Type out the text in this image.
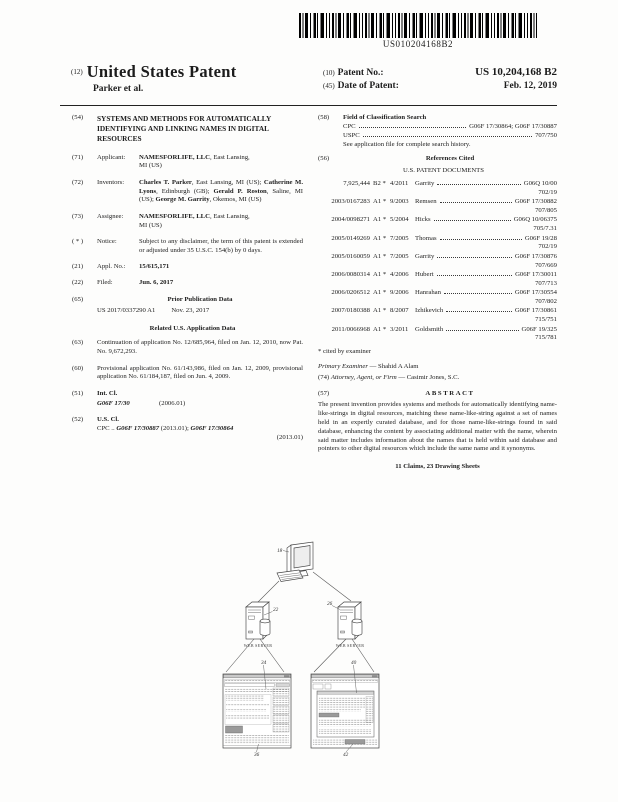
US010204168B2
(12) United States Patent
Parker et al.
(10) Patent No.:	US 10,204,168 B2
(45) Date of Patent:	Feb. 12, 2019
(54)	SYSTEMS AND METHODS FOR AUTOMATICALLY IDENTIFYING AND LINKING NAMES IN DIGITAL RESOURCES
(71)	Applicant:	NAMESFORLIFE, LLC, East Lansing, MI (US)
(72)	Inventors:	Charles T. Parker, East Lansing, MI (US); Catherine M. Lyons, Edinburgh (GB); Gerald P. Roston, Saline, MI (US); George M. Garrity, Okemos, MI (US)
(73)	Assignee:	NAMESFORLIFE, LLC, East Lansing, MI (US)
( * )	Notice:	Subject to any disclaimer, the term of this patent is extended or adjusted under 35 U.S.C. 154(b) by 0 days.
(21)	Appl. No.:	15/615,171
(22)	Filed:	Jun. 6, 2017
(65)	Prior Publication Data
US 2017/0337290 A1 Nov. 23, 2017
Related U.S. Application Data
(63)	Continuation of application No. 12/685,964, filed on Jan. 12, 2010, now Pat. No. 9,672,293.
(60)	Provisional application No. 61/143,986, filed on Jan. 12, 2009, provisional application No. 61/184,187, filed on Jun. 4, 2009.
(51)	Int. Cl.
G06F 17/30	(2006.01)
(52)	U.S. Cl.
CPC .. G06F 17/30887 (2013.01); G06F 17/30864
(2013.01)
(58)	Field of Classification Search
CPC	G06F 17/30864; G06F 17/30887
USPC	707/750
See application file for complete search history.
(56)	References Cited
U.S. PATENT DOCUMENTS
7,925,444 B2 * 4/2011 Garrity	G06Q 10/00
702/19
2003/0167283 A1 * 9/2003 Remsen	G06F 17/30882
707/805
2004/0098271 A1 * 5/2004 Hicks	G06Q 10/06375
705/7.31
2005/0149269 A1 * 7/2005 Thomas	G06F 19/28
702/19
2005/0160059 A1 * 7/2005 Garrity	G06F 17/30876
707/669
2006/0080314 A1 * 4/2006 Hubert	G06F 17/30011
707/713
2006/0206512 A1 * 9/2006 Hanrahan	G06F 17/30554
707/802
2007/0180388 A1 * 8/2007 Izhikevich	G06F 17/30861
715/751
2011/0066968 A1 * 3/2011 Goldsmith	G06F 19/325
715/781
* cited by examiner
Primary Examiner — Shahid A Alam
(74) Attorney, Agent, or Firm — Casimir Jones, S.C.
(57)	ABSTRACT
The present invention provides systems and methods for automatically identifying name-like-strings in digital resources, matching these name-like-string against a set of names held in an expertly curated database, and for those name-like-strings found in said database, enhancing the content by associating additional matter with the name, wherein said matter includes information about the names that is held within said database and pointers to other digital resources which include the same name and it synonyms.
11 Claims, 23 Drawing Sheets
18
22
WEB SERVER
26
WEB SERVER
34
36
40
42
